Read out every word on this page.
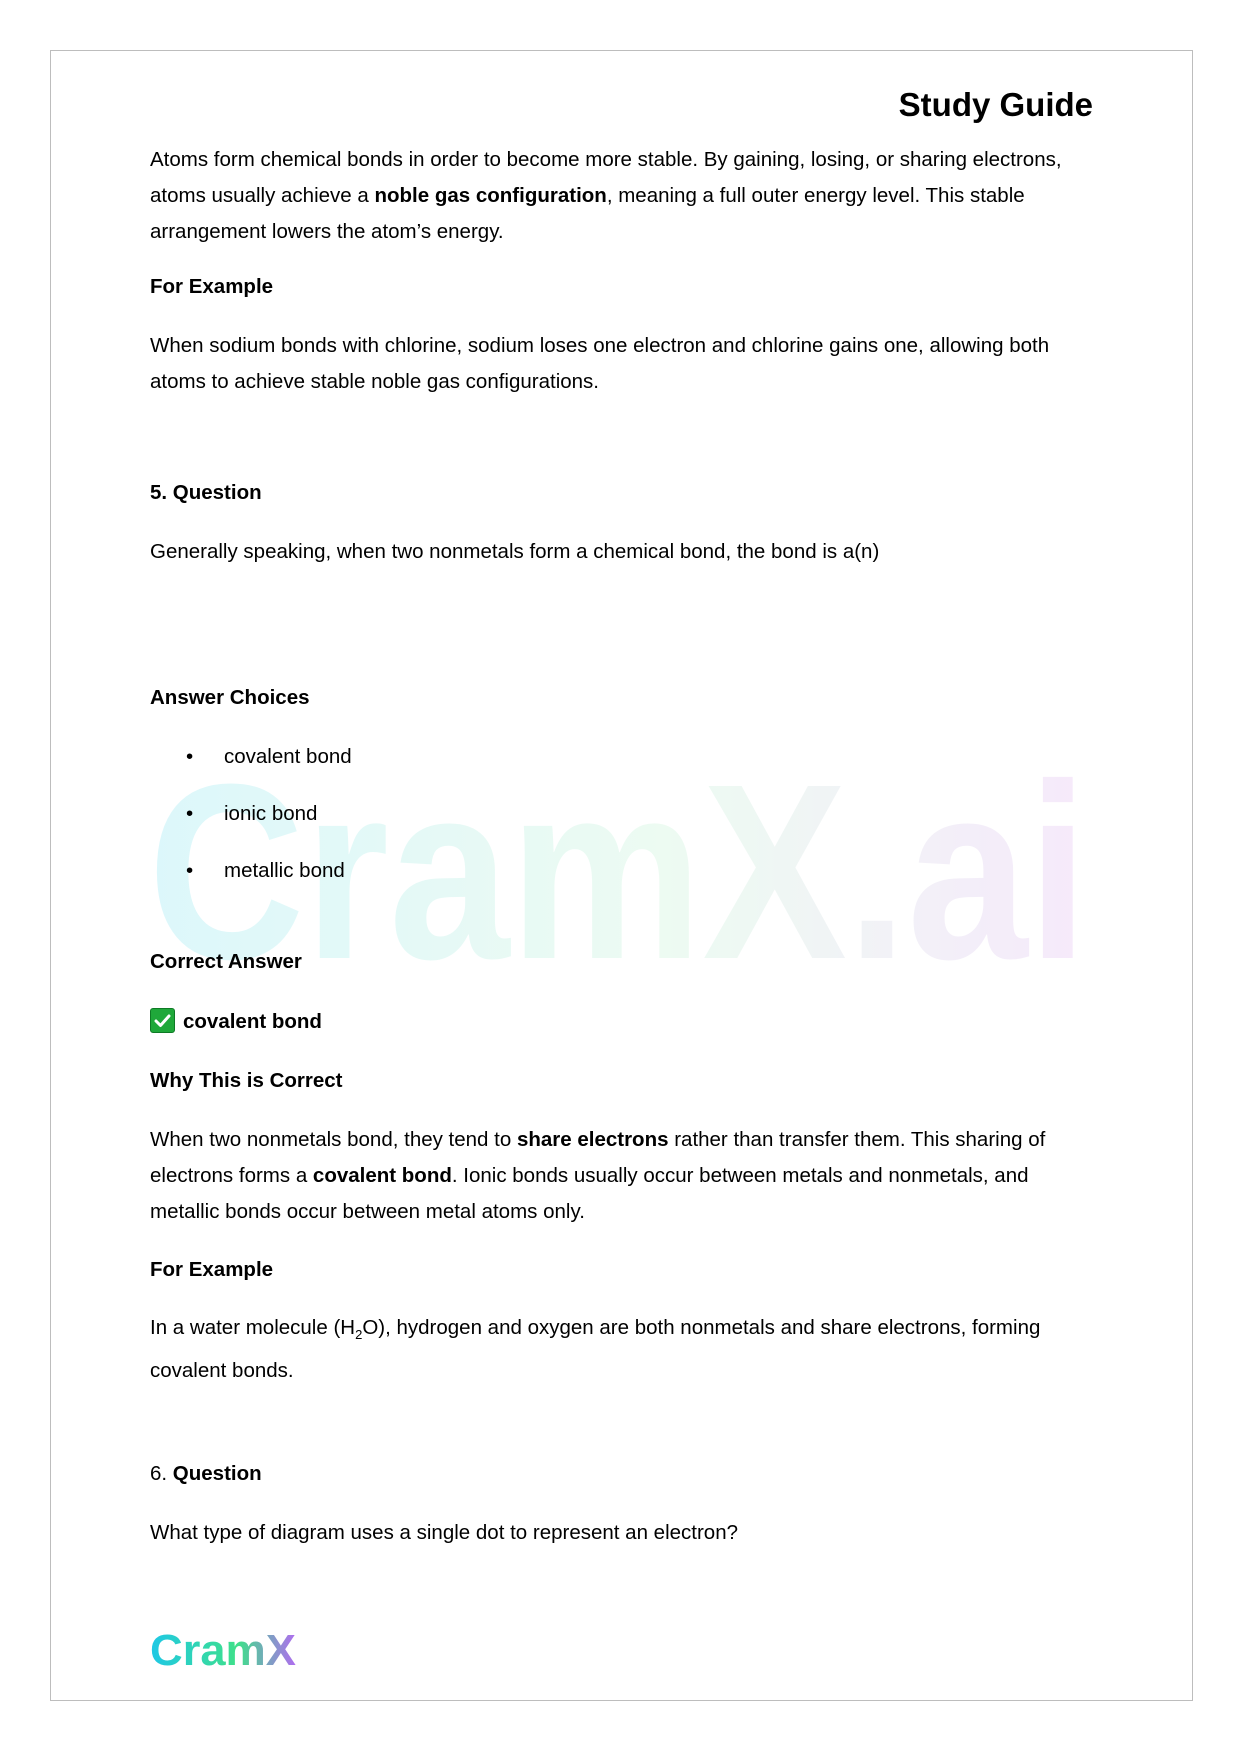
CramX.ai
Study Guide

Atoms form chemical bonds in order to become more stable. By gaining, losing, or sharing electrons, atoms usually achieve a noble gas configuration, meaning a full outer energy level. This stable arrangement lowers the atom’s energy.

For Example

When sodium bonds with chlorine, sodium loses one electron and chlorine gains one, allowing both atoms to achieve stable noble gas configurations.

5. Question

Generally speaking, when two nonmetals form a chemical bond, the bond is a(n)

Answer Choices

• covalent bond
• ionic bond
• metallic bond

Correct Answer

covalent bond

Why This is Correct

When two nonmetals bond, they tend to share electrons rather than transfer them. This sharing of electrons forms a covalent bond. Ionic bonds usually occur between metals and nonmetals, and metallic bonds occur between metal atoms only.

For Example

In a water molecule $(H_2O)$, hydrogen and oxygen are both nonmetals and share electrons, forming covalent bonds.

6. Question

What type of diagram uses a single dot to represent an electron?

CramX
